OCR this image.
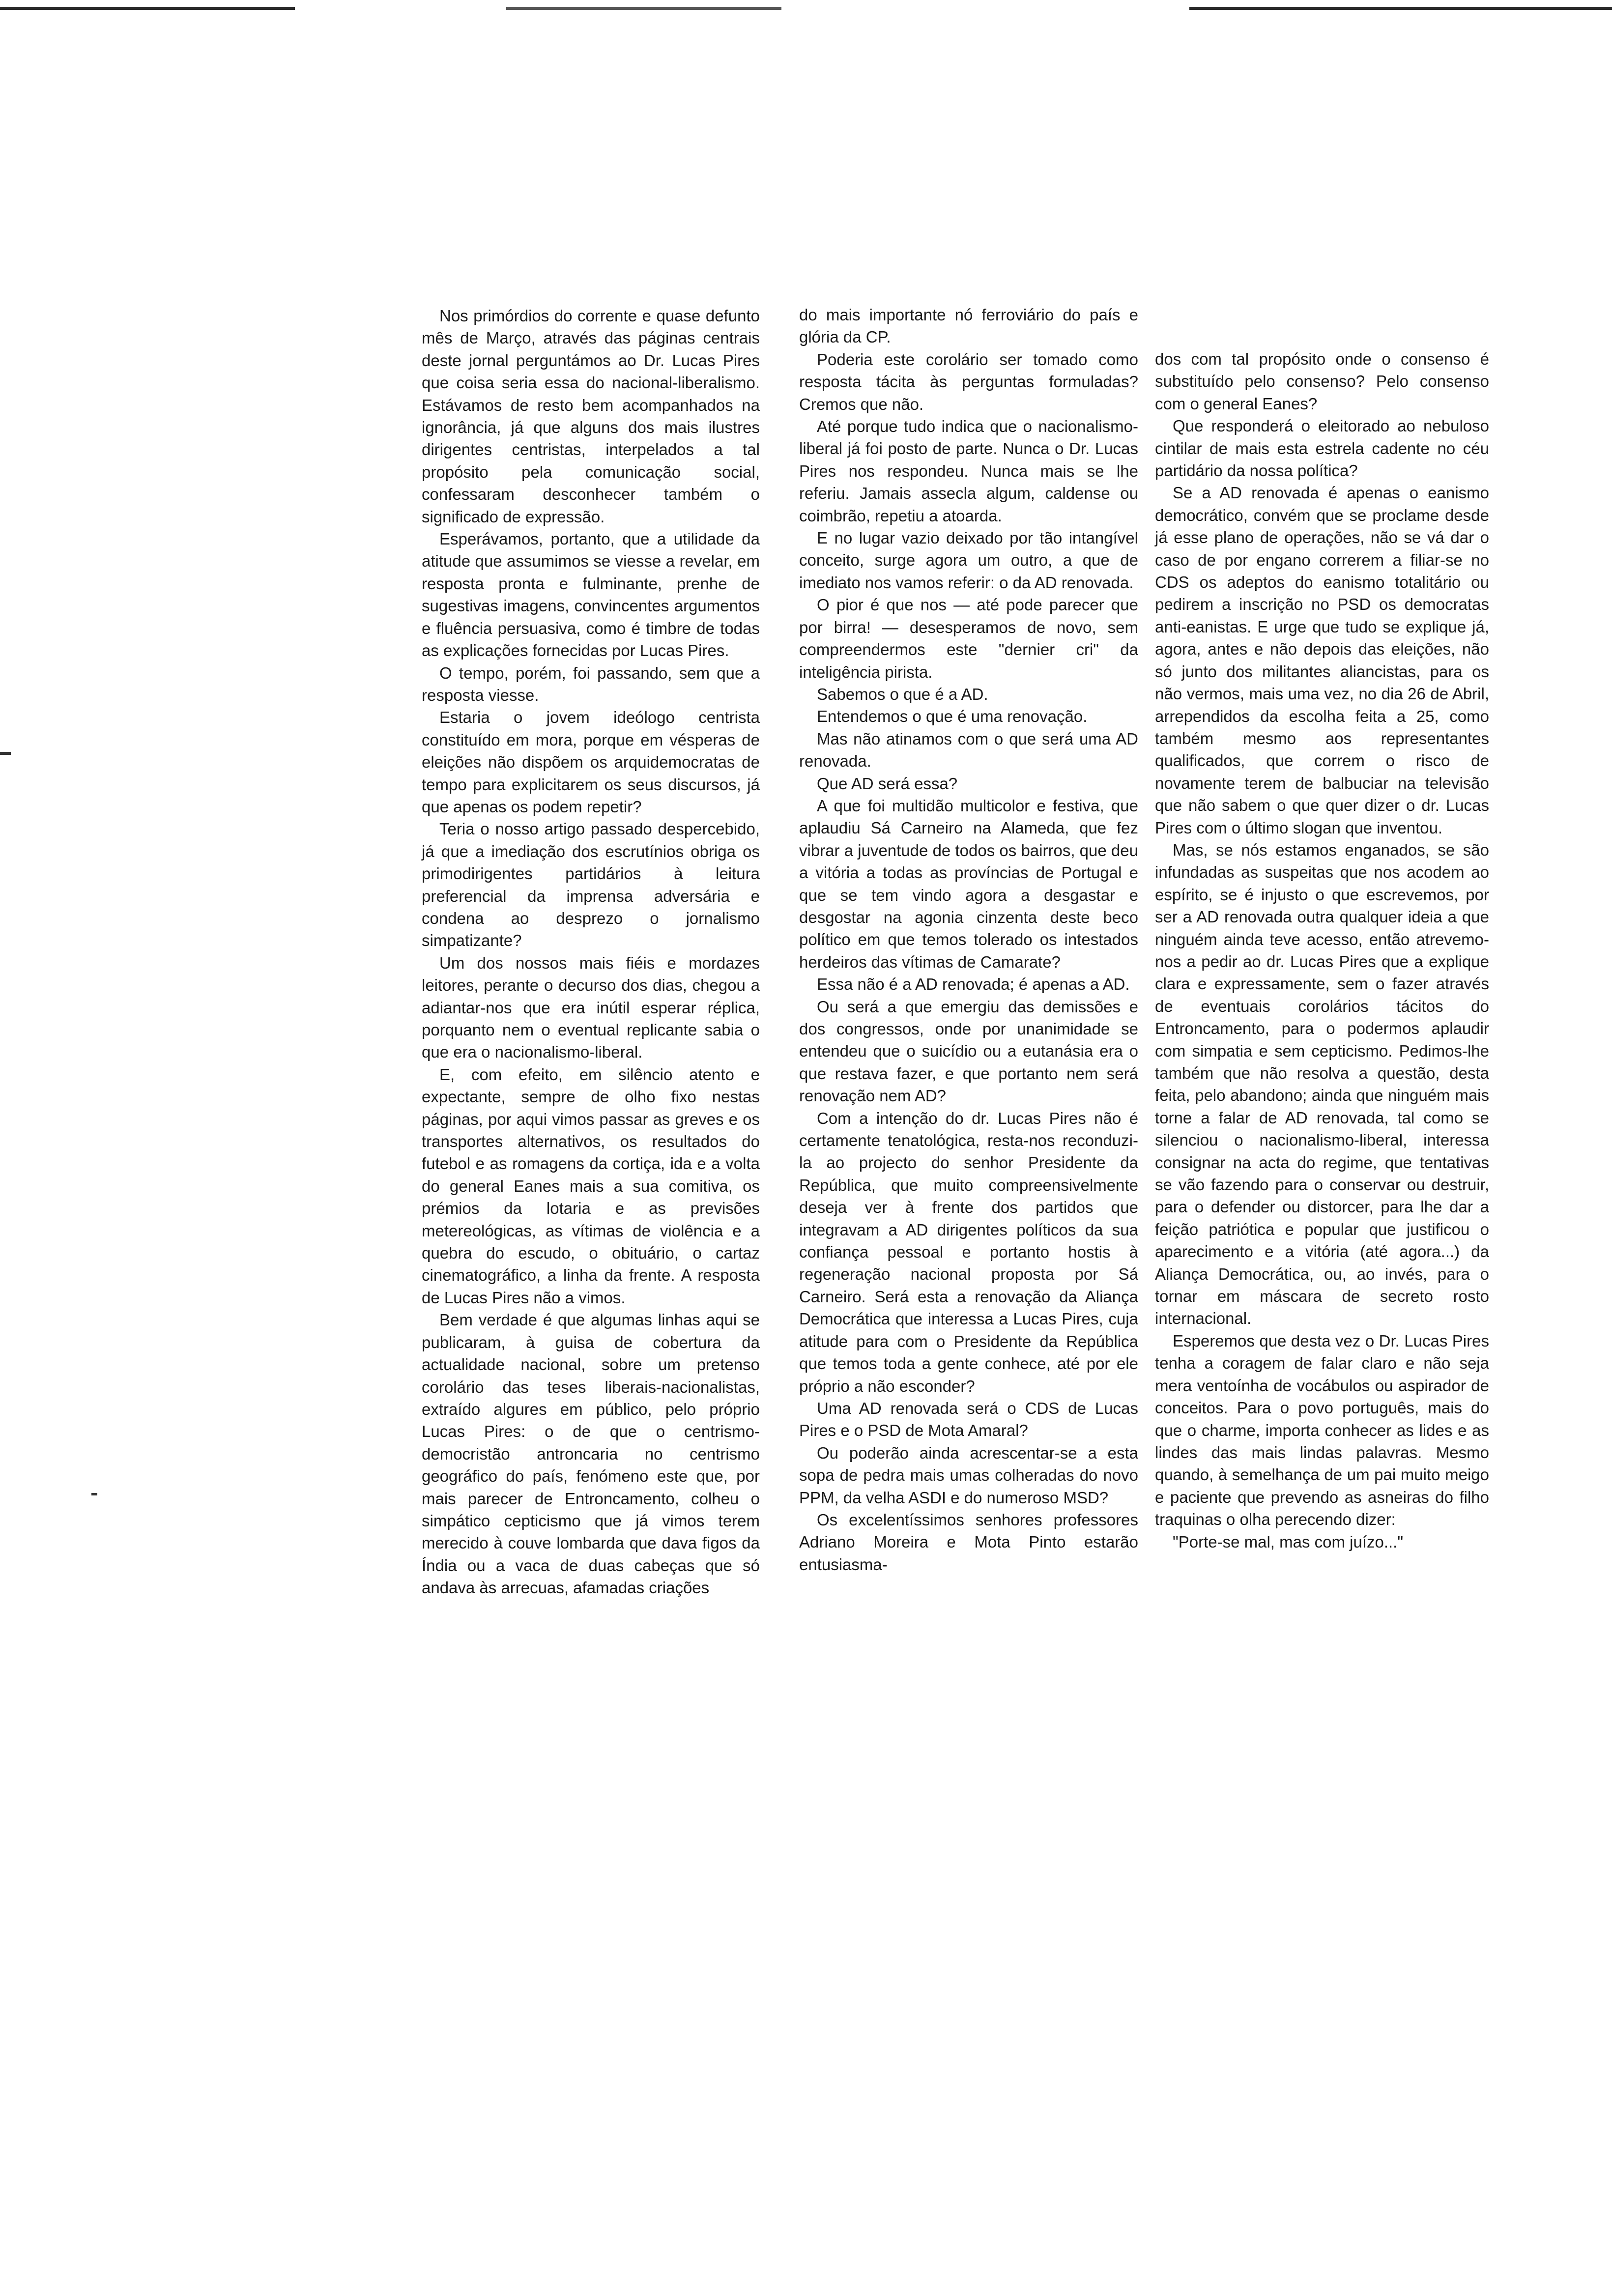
Nos primórdios do corrente e quase defunto mês de Março, através das páginas centrais deste jornal perguntámos ao Dr. Lucas Pires que coisa seria essa do nacional-liberalismo. Estávamos de resto bem acompanhados na ignorância, já que alguns dos mais ilustres dirigentes centristas, interpelados a tal propósito pela comunicação social, confessaram desconhecer também o significado de expressão.

Esperávamos, portanto, que a utilidade da atitude que assumimos se viesse a revelar, em resposta pronta e fulminante, prenhe de sugestivas imagens, convincentes argumentos e fluência persuasiva, como é timbre de todas as explicações fornecidas por Lucas Pires.

O tempo, porém, foi passando, sem que a resposta viesse.

Estaria o jovem ideólogo centrista constituído em mora, porque em vésperas de eleições não dispõem os arquidemocratas de tempo para explicitarem os seus discursos, já que apenas os podem repetir?

Teria o nosso artigo passado despercebido, já que a imediação dos escrutínios obriga os primodirigentes partidários à leitura preferencial da imprensa adversária e condena ao desprezo o jornalismo simpatizante?

Um dos nossos mais fiéis e mordazes leitores, perante o decurso dos dias, chegou a adiantar-nos que era inútil esperar réplica, porquanto nem o eventual replicante sabia o que era o nacionalismo-liberal.

E, com efeito, em silêncio atento e expectante, sempre de olho fixo nestas páginas, por aqui vimos passar as greves e os transportes alternativos, os resultados do futebol e as romagens da cortiça, ida e a volta do general Eanes mais a sua comitiva, os prémios da lotaria e as previsões metereológicas, as vítimas de violência e a quebra do escudo, o obituário, o cartaz cinematográfico, a linha da frente. A resposta de Lucas Pires não a vimos.

Bem verdade é que algumas linhas aqui se publicaram, à guisa de cobertura da actualidade nacional, sobre um pretenso corolário das teses liberais-nacionalistas, extraído algures em público, pelo próprio Lucas Pires: o de que o centrismo-democristão antroncaria no centrismo geográfico do país, fenómeno este que, por mais parecer de Entroncamento, colheu o simpático cepticismo que já vimos terem merecido à couve lombarda que dava figos da Índia ou a vaca de duas cabeças que só andava às arrecuas, afamadas criações

do mais importante nó ferroviário do país e glória da CP.

Poderia este corolário ser tomado como resposta tácita às perguntas formuladas? Cremos que não.

Até porque tudo indica que o nacionalismo-liberal já foi posto de parte. Nunca o Dr. Lucas Pires nos respondeu. Nunca mais se lhe referiu. Jamais assecla algum, caldense ou coimbrão, repetiu a atoarda.

E no lugar vazio deixado por tão intangível conceito, surge agora um outro, a que de imediato nos vamos referir: o da AD renovada.

O pior é que nos — até pode parecer que por birra! — desesperamos de novo, sem compreendermos este "dernier cri" da inteligência pirista.

Sabemos o que é a AD.

Entendemos o que é uma renovação.

Mas não atinamos com o que será uma AD renovada.

Que AD será essa?

A que foi multidão multicolor e festiva, que aplaudiu Sá Carneiro na Alameda, que fez vibrar a juventude de todos os bairros, que deu a vitória a todas as províncias de Portugal e que se tem vindo agora a desgastar e desgostar na agonia cinzenta deste beco político em que temos tolerado os intestados herdeiros das vítimas de Camarate?

Essa não é a AD renovada; é apenas a AD.

Ou será a que emergiu das demissões e dos congressos, onde por unanimidade se entendeu que o suicídio ou a eutanásia era o que restava fazer, e que portanto nem será renovação nem AD?

Com a intenção do dr. Lucas Pires não é certamente tenatológica, resta-nos reconduzi-la ao projecto do senhor Presidente da República, que muito compreensivelmente deseja ver à frente dos partidos que integravam a AD dirigentes políticos da sua confiança pessoal e portanto hostis à regeneração nacional proposta por Sá Carneiro. Será esta a renovação da Aliança Democrática que interessa a Lucas Pires, cuja atitude para com o Presidente da República que temos toda a gente conhece, até por ele próprio a não esconder?

Uma AD renovada será o CDS de Lucas Pires e o PSD de Mota Amaral?

Ou poderão ainda acrescentar-se a esta sopa de pedra mais umas colheradas do novo PPM, da velha ASDI e do numeroso MSD?

Os excelentíssimos senhores professores Adriano Moreira e Mota Pinto estarão entusiasma-

dos com tal propósito onde o consenso é substituído pelo consenso? Pelo consenso com o general Eanes?

Que responderá o eleitorado ao nebuloso cintilar de mais esta estrela cadente no céu partidário da nossa política?

Se a AD renovada é apenas o eanismo democrático, convém que se proclame desde já esse plano de operações, não se vá dar o caso de por engano correrem a filiar-se no CDS os adeptos do eanismo totalitário ou pedirem a inscrição no PSD os democratas anti-eanistas. E urge que tudo se explique já, agora, antes e não depois das eleições, não só junto dos militantes aliancistas, para os não vermos, mais uma vez, no dia 26 de Abril, arrependidos da escolha feita a 25, como também mesmo aos representantes qualificados, que correm o risco de novamente terem de balbuciar na televisão que não sabem o que quer dizer o dr. Lucas Pires com o último slogan que inventou.

Mas, se nós estamos enganados, se são infundadas as suspeitas que nos acodem ao espírito, se é injusto o que escrevemos, por ser a AD renovada outra qualquer ideia a que ninguém ainda teve acesso, então atrevemo-nos a pedir ao dr. Lucas Pires que a explique clara e expressamente, sem o fazer através de eventuais corolários tácitos do Entroncamento, para o podermos aplaudir com simpatia e sem cepticismo. Pedimos-lhe também que não resolva a questão, desta feita, pelo abandono; ainda que ninguém mais torne a falar de AD renovada, tal como se silenciou o nacionalismo-liberal, interessa consignar na acta do regime, que tentativas se vão fazendo para o conservar ou destruir, para o defender ou distorcer, para lhe dar a feição patriótica e popular que justificou o aparecimento e a vitória (até agora...) da Aliança Democrática, ou, ao invés, para o tornar em máscara de secreto rosto internacional.

Esperemos que desta vez o Dr. Lucas Pires tenha a coragem de falar claro e não seja mera ventoínha de vocábulos ou aspirador de conceitos. Para o povo português, mais do que o charme, importa conhecer as lides e as lindes das mais lindas palavras. Mesmo quando, à semelhança de um pai muito meigo e paciente que prevendo as asneiras do filho traquinas o olha perecendo dizer:

"Porte-se mal, mas com juízo..."
